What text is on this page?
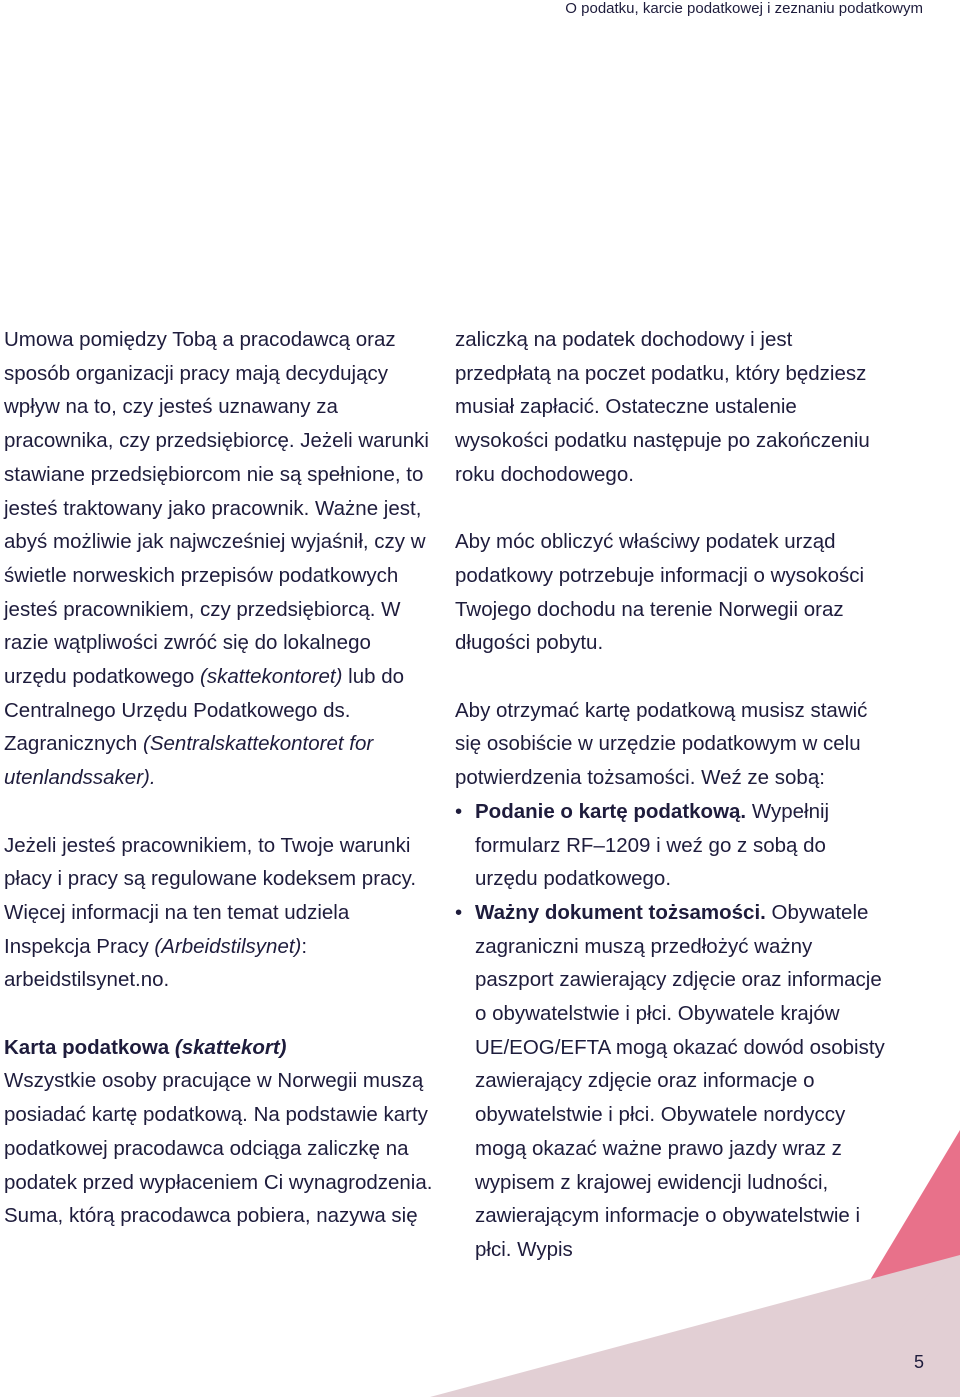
O podatku, karcie podatkowej i zeznaniu podatkowym

Umowa pomiędzy Tobą a pracodawcą oraz sposób organizacji pracy mają decydujący wpływ na to, czy jesteś uznawany za pracownika, czy przedsiębiorcę. Jeżeli warunki stawiane przedsiębiorcom nie są spełnione, to jesteś traktowany jako pracownik. Ważne jest, abyś możliwie jak najwcześniej wyjaśnił, czy w świetle norweskich przepisów podatkowych jesteś pracownikiem, czy przedsiębiorcą. W razie wątpliwości zwróć się do lokalnego urzędu podatkowego (skattekontoret) lub do Centralnego Urzędu Podatkowego ds. Zagranicznych (Sentralskattekontoret for utenlandssaker).

Jeżeli jesteś pracownikiem, to Twoje warunki płacy i pracy są regulowane kodeksem pracy. Więcej informacji na ten temat udziela Inspekcja Pracy (Arbeidstilsynet): arbeidstilsynet.no.

Karta podatkowa (skattekort)
Wszystkie osoby pracujące w Norwegii muszą posiadać kartę podatkową. Na podstawie karty podatkowej pracodawca odciąga zaliczkę na podatek przed wypłaceniem Ci wynagrodzenia. Suma, którą pracodawca pobiera, nazywa się

zaliczką na podatek dochodowy i jest przedpłatą na poczet podatku, który będziesz musiał zapłacić. Ostateczne ustalenie wysokości podatku następuje po zakończeniu roku dochodowego.

Aby móc obliczyć właściwy podatek urząd podatkowy potrzebuje informacji o wysokości Twojego dochodu na terenie Norwegii oraz długości pobytu.

Aby otrzymać kartę podatkową musisz stawić się osobiście w urzędzie podatkowym w celu potwierdzenia tożsamości. Weź ze sobą:

• Podanie o kartę podatkową. Wypełnij formularz RF–1209 i weź go z sobą do urzędu podatkowego.
• Ważny dokument tożsamości. Obywatele zagraniczni muszą przedłożyć ważny paszport zawierający zdjęcie oraz informacje o obywatelstwie i płci. Obywatele krajów UE/EOG/EFTA mogą okazać dowód osobisty zawierający zdjęcie oraz informacje o obywatelstwie i płci. Obywatele nordyccy mogą okazać ważne prawo jazdy wraz z wypisem z krajowej ewidencji ludności, zawierającym informacje o obywatelstwie i płci. Wypis
5
